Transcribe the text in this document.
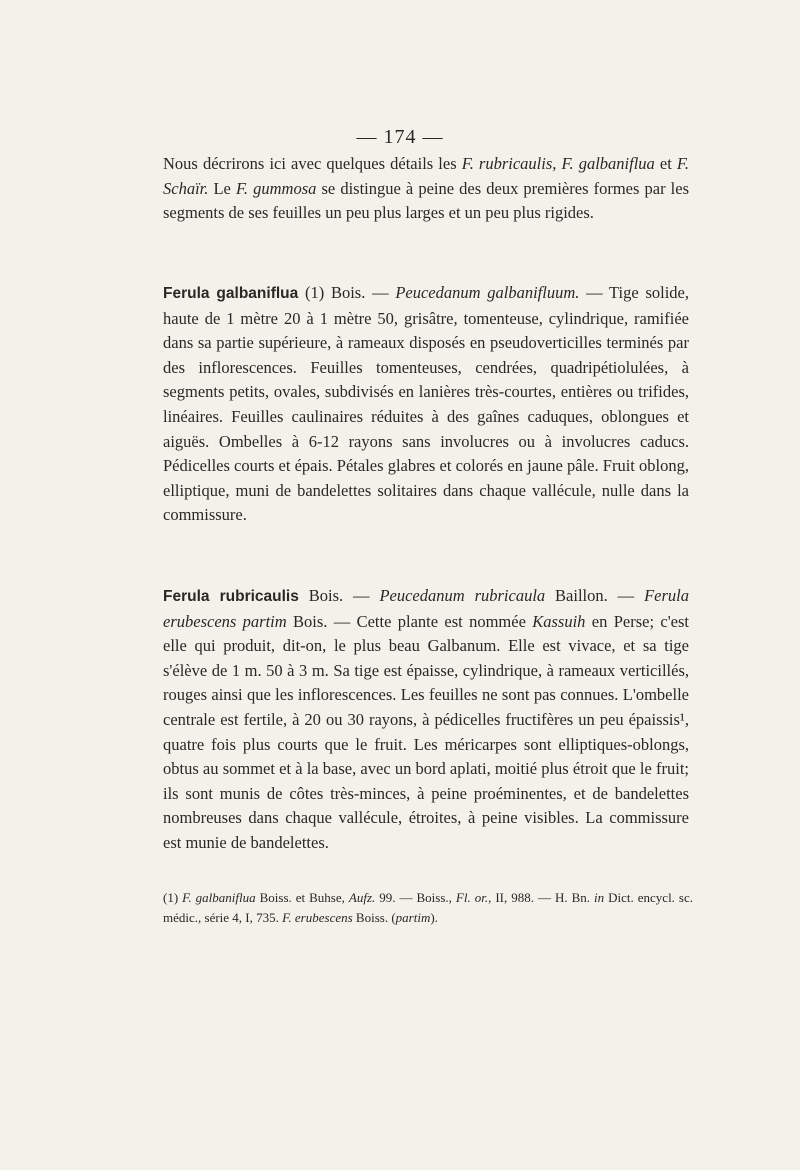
— 174 —

Nous décrirons ici avec quelques détails les F. rubricaulis, F. galbaniflua et F. Schaïr. Le F. gummosa se distingue à peine des deux premières formes par les segments de ses feuilles un peu plus larges et un peu plus rigides.

Ferula galbaniflua (1) Bois. — Peucedanum galbanifluum. — Tige solide, haute de 1 mètre 20 à 1 mètre 50, grisâtre, tomenteuse, cylindrique, ramifiée dans sa partie supérieure, à rameaux disposés en pseudoverticilles terminés par des inflorescences. Feuilles tomenteuses, cendrées, quadripétiolulées, à segments petits, ovales, subdivisés en lanières très-courtes, entières ou trifides, linéaires. Feuilles caulinaires réduites à des gaînes caduques, oblongues et aiguës. Ombelles à 6-12 rayons sans involucres ou à involucres caducs. Pédicelles courts et épais. Pétales glabres et colorés en jaune pâle. Fruit oblong, elliptique, muni de bandelettes solitaires dans chaque vallécule, nulle dans la commissure.

Ferula rubricaulis Bois. — Peucedanum rubricaula Baillon. — Ferula erubescens partim Bois. — Cette plante est nommée Kassuih en Perse; c'est elle qui produit, dit-on, le plus beau Galbanum. Elle est vivace, et sa tige s'élève de 1 m. 50 à 3 m. Sa tige est épaisse, cylindrique, à rameaux verticillés, rouges ainsi que les inflorescences. Les feuilles ne sont pas connues. L'ombelle centrale est fertile, à 20 ou 30 rayons, à pédicelles fructifères un peu épaissis¹, quatre fois plus courts que le fruit. Les méricarpes sont elliptiques-oblongs, obtus au sommet et à la base, avec un bord aplati, moitié plus étroit que le fruit; ils sont munis de côtes très-minces, à peine proéminentes, et de bandelettes nombreuses dans chaque vallécule, étroites, à peine visibles. La commissure est munie de bandelettes.

(1) F. galbaniflua Boiss. et Buhse, Aufz. 99. — Boiss., Fl. or., II, 988. — H. Bn. in Dict. encycl. sc. médic., série 4, I, 735. F. erubescens Boiss. (partim).
